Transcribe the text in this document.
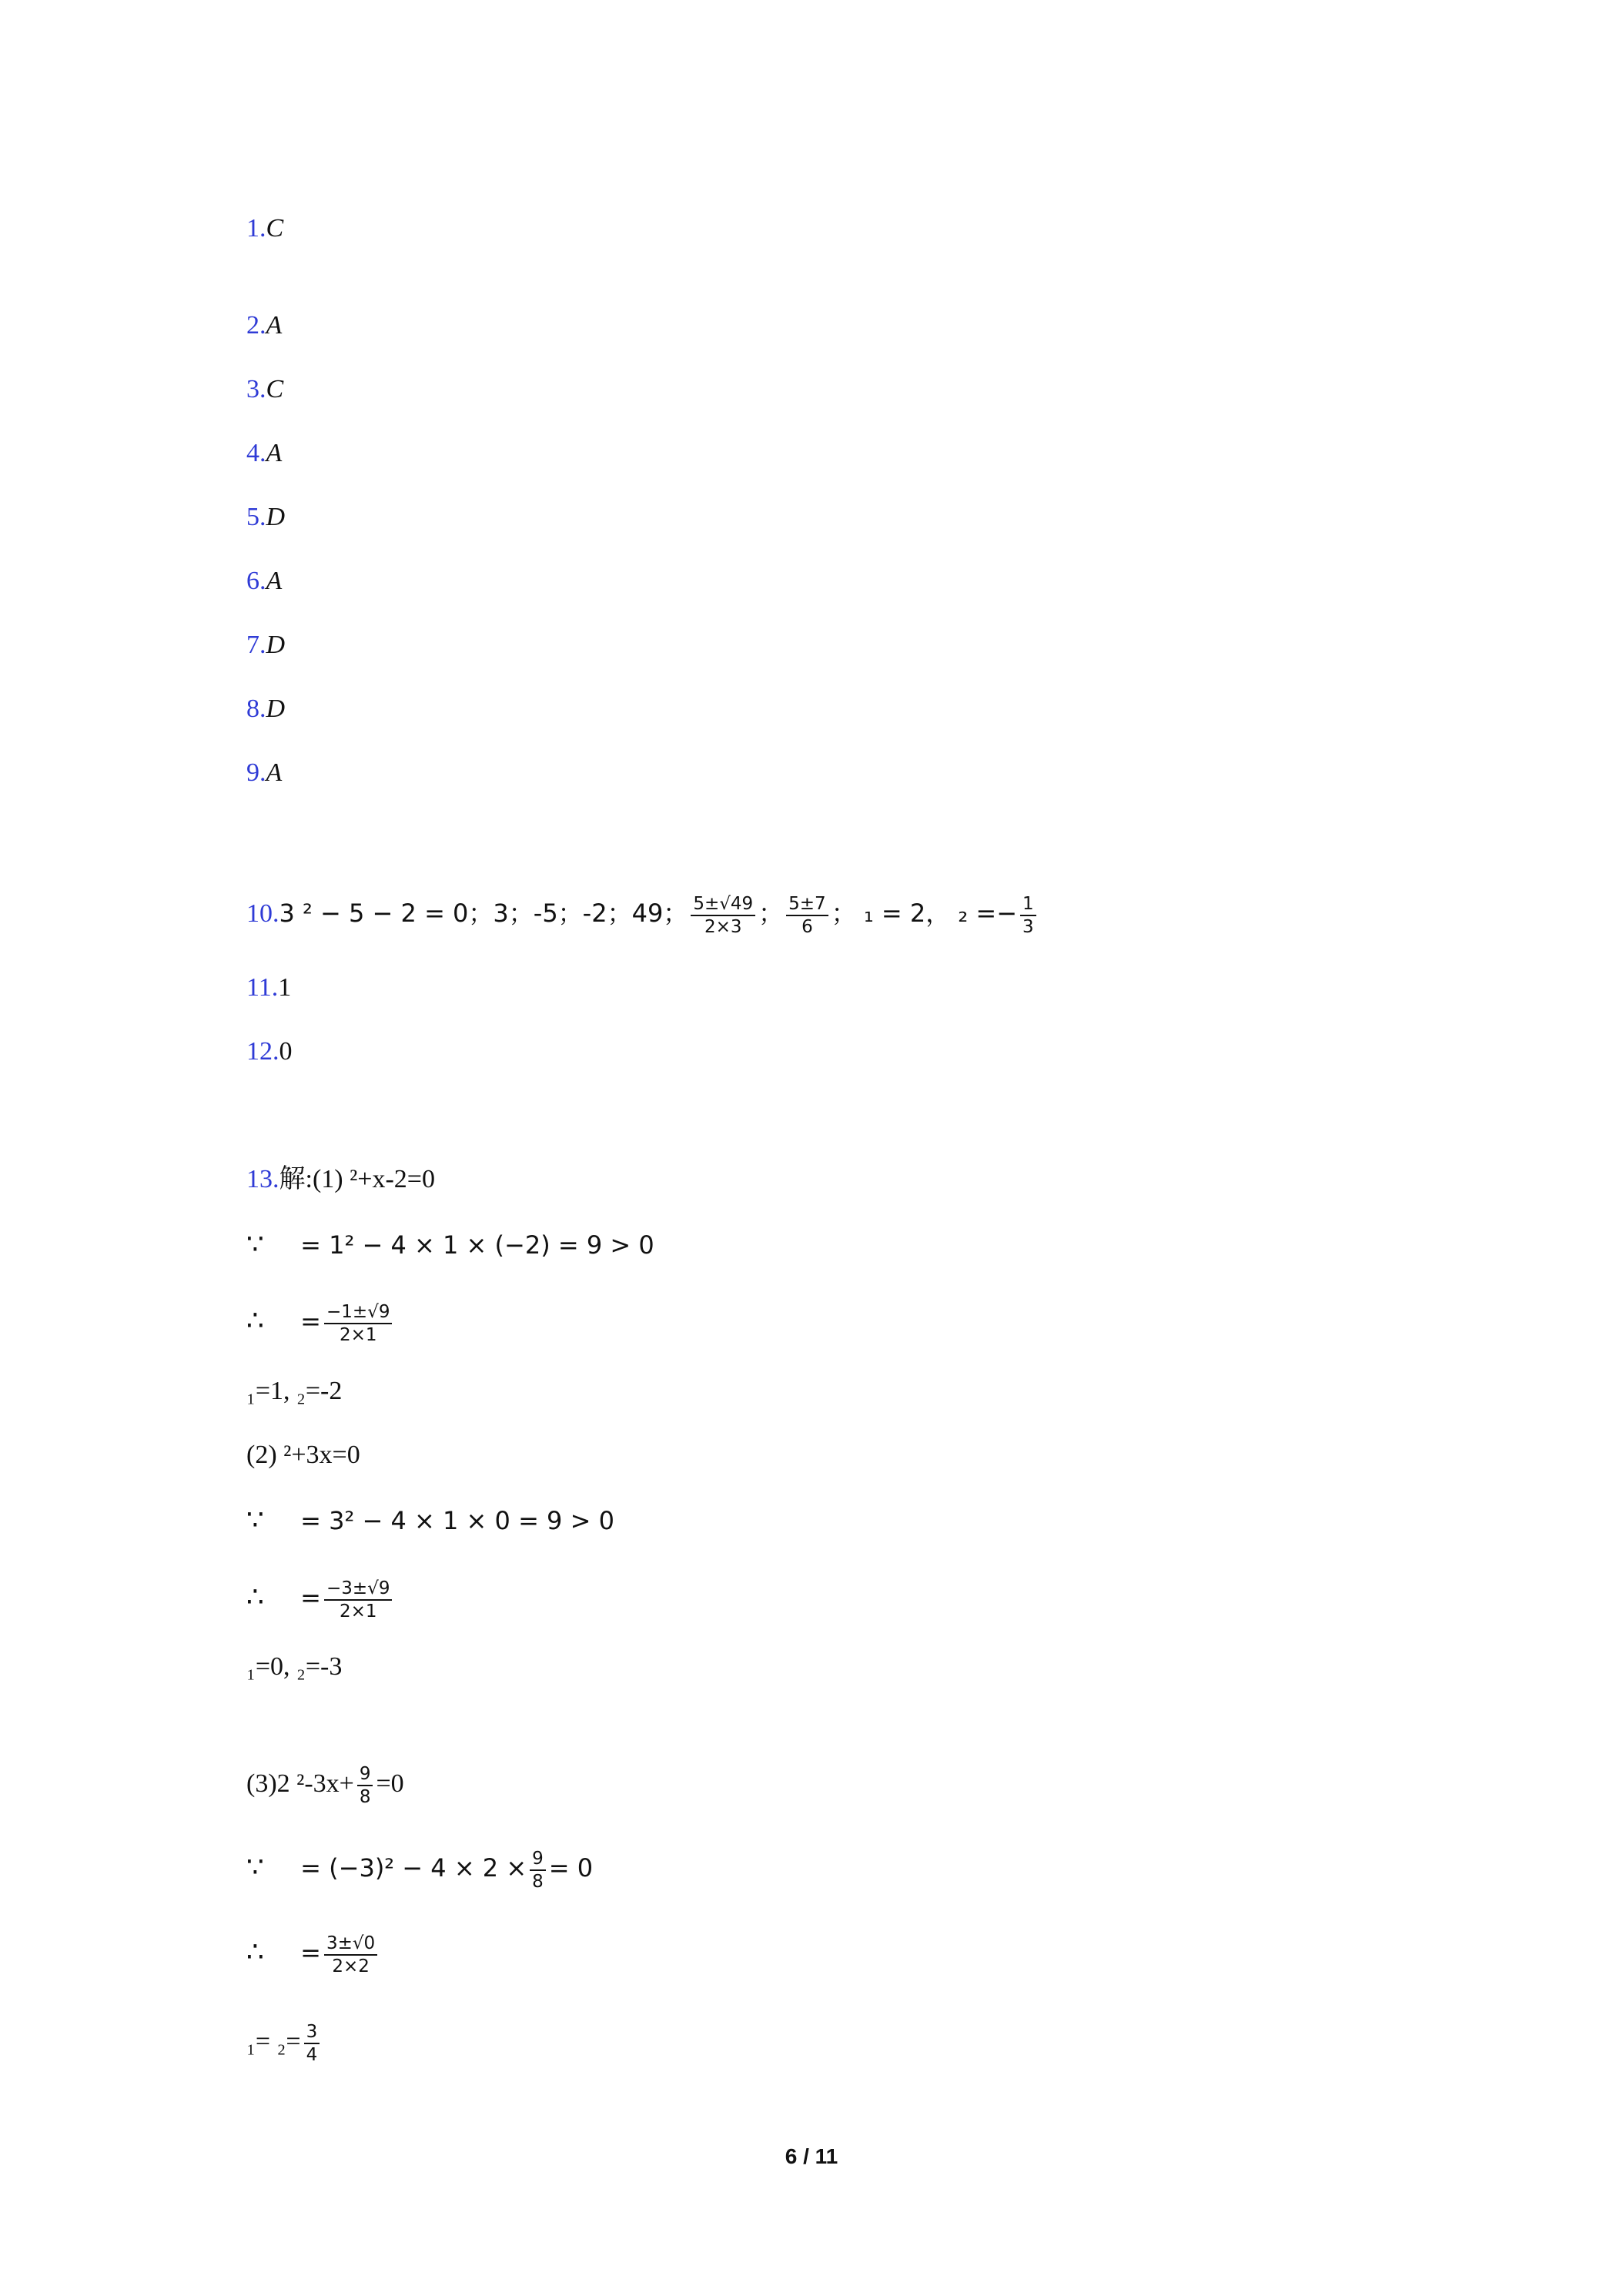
1.C
2.A
3.C
4.A
5.D
6.A
7.D
8.D
9.A
10.3 ² − 5 − 2 = 0；3；-5；-2；49； $\frac{5\pm√49}{2\times 3}$ ； $\frac{5\pm 7}{6}$ ； ₁ = 2， $_2 =- \frac{1}{3}$
11.1
12.0
13.解:(1) ²+x-2=0
∵ = 1² − 4 × 1 × (−2) = 9 > 0
∴ = $\frac{-1\pm√9}{2\times 1}$
₁=1, ₂=-2
(2) ²+3x=0
∵ = 3² − 4 × 1 × 0 = 9 > 0
∴ = $\frac{-3\pm√9}{2\times 1}$
₁=0, ₂=-3
(3)2 $^2-3x+ \frac{9}{8} =0$
∵ = $(-3)^2 - 4 \times 2 \times \frac{9}{8} = 0$
∴ = $\frac{3\pm√0}{2\times 2}$
$_1= _2= \frac{3}{4}$
6 / 11
